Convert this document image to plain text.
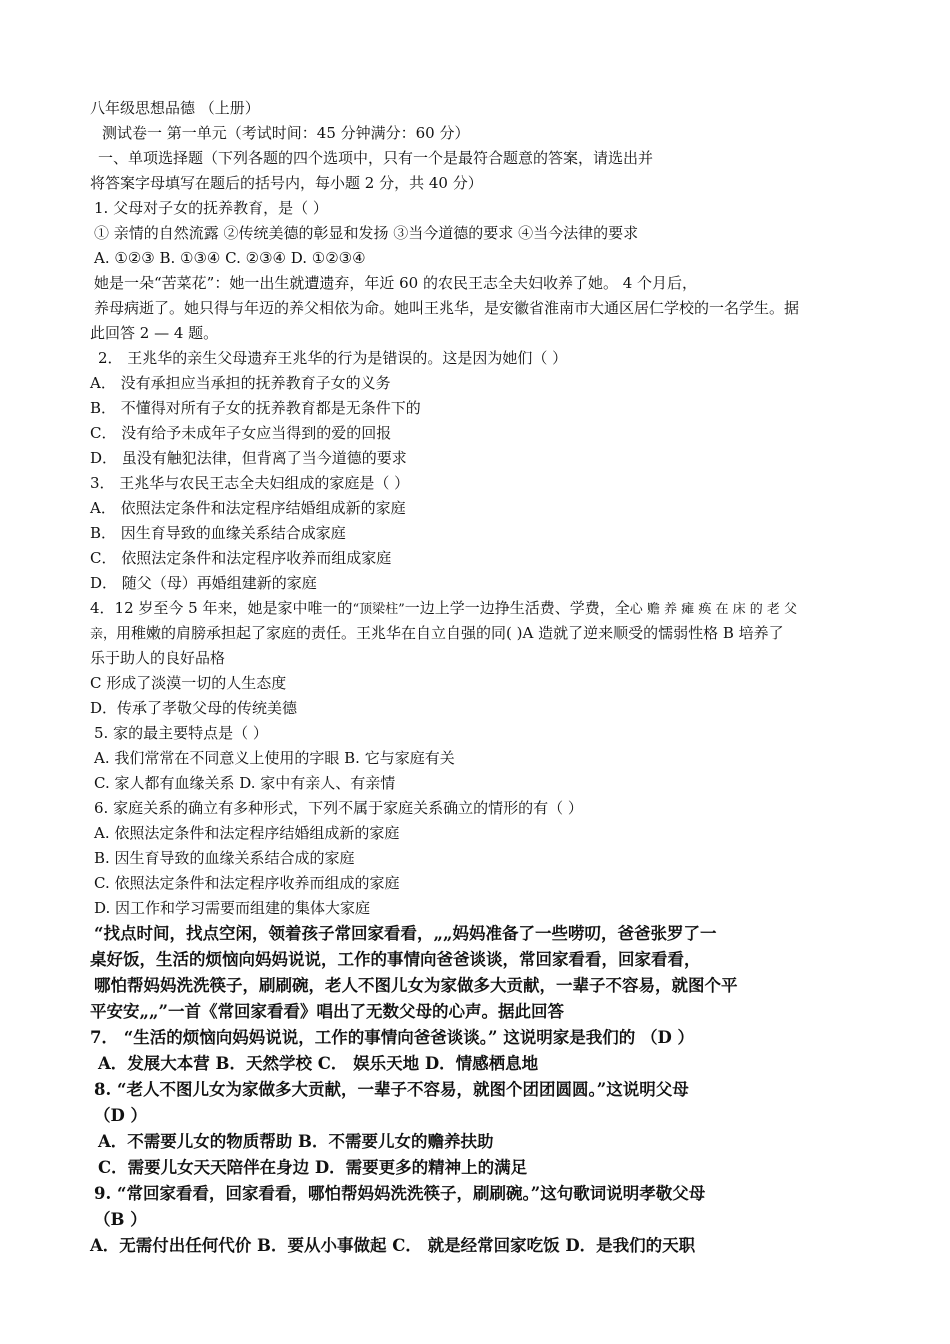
八年级思想品德 （上册）
测试卷一 第一单元（考试时间：45 分钟满分：60 分）
一、单项选择题（下列各题的四个选项中，只有一个是最符合题意的答案，请选出并
将答案字母填写在题后的括号内，每小题 2 分，共 40 分）
1. 父母对子女的抚养教育，是（ ）
① 亲情的自然流露 ②传统美德的彰显和发扬 ③当今道德的要求 ④当今法律的要求
A. ①②③ B. ①③④ C. ②③④ D. ①②③④
她是一朵“苦菜花”：她一出生就遭遗弃，年近 60 的农民王志全夫妇收养了她。 4 个月后，
养母病逝了。她只得与年迈的养父相依为命。她叫王兆华，是安徽省淮南市大通区居仁学校的一名学生。据
此回答 2 — 4 题。
2． 王兆华的亲生父母遗弃王兆华的行为是错误的。这是因为她们（ ）
A． 没有承担应当承担的抚养教育子女的义务
B． 不懂得对所有子女的抚养教育都是无条件下的
C． 没有给予未成年子女应当得到的爱的回报
D． 虽没有触犯法律，但背离了当今道德的要求
3． 王兆华与农民王志全夫妇组成的家庭是（ ）
A． 依照法定条件和法定程序结婚组成新的家庭
B． 因生育导致的血缘关系结合成家庭
C． 依照法定条件和法定程序收养而组成家庭
D． 随父（母）再婚组建新的家庭
4．12 岁至今 5 年来，她是家中唯一的“顶梁柱”一边上学一边挣生活费、学费，全心 赡 养 瘫 痪 在 床 的 老 父
亲，用稚嫩的肩膀承担起了家庭的责任。王兆华在自立自强的同( )A 造就了逆来顺受的懦弱性格 B 培养了
乐于助人的良好品格
C 形成了淡漠一切的人生态度
D．传承了孝敬父母的传统美德
5. 家的最主要特点是（ ）
A. 我们常常在不同意义上使用的字眼 B. 它与家庭有关
C. 家人都有血缘关系 D. 家中有亲人、有亲情
6. 家庭关系的确立有多种形式，下列不属于家庭关系确立的情形的有（ ）
A. 依照法定条件和法定程序结婚组成新的家庭
B. 因生育导致的血缘关系结合成的家庭
C. 依照法定条件和法定程序收养而组成的家庭
D. 因工作和学习需要而组建的集体大家庭
“找点时间，找点空闲，领着孩子常回家看看，„„妈妈准备了一些唠叨，爸爸张罗了一
桌好饭，生活的烦恼向妈妈说说，工作的事情向爸爸谈谈，常回家看看，回家看看，
哪怕帮妈妈洗洗筷子，刷刷碗，老人不图儿女为家做多大贡献，一辈子不容易，就图个平
平安安„„”一首《常回家看看》唱出了无数父母的心声。据此回答
7． “生活的烦恼向妈妈说说，工作的事情向爸爸谈谈。” 这说明家是我们的 （D ）
A．发展大本营 B．天然学校 C． 娱乐天地 D．情感栖息地
8. “老人不图儿女为家做多大贡献，一辈子不容易，就图个团团圆圆。”这说明父母
（D ）
A．不需要儿女的物质帮助 B．不需要儿女的赡养扶助
C．需要儿女天天陪伴在身边 D．需要更多的精神上的满足
9. “常回家看看，回家看看，哪怕帮妈妈洗洗筷子，刷刷碗。”这句歌词说明孝敬父母
（B ）
A．无需付出任何代价 B．要从小事做起 C． 就是经常回家吃饭 D．是我们的天职
